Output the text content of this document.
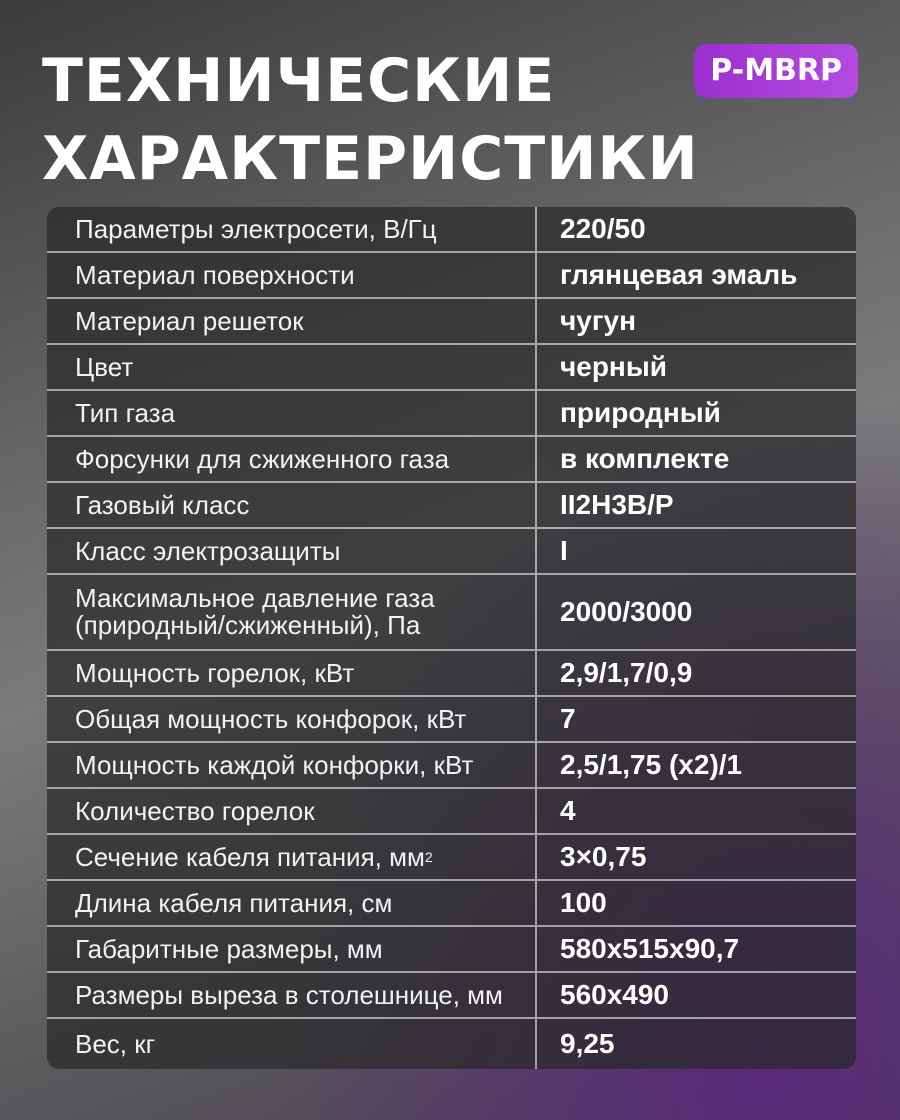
ТЕХНИЧЕСКИЕ
ХАРАКТЕРИСТИКИ
P-MBRP
Параметры электросети, В/Гц	220/50
Материал поверхности	глянцевая эмаль
Материал решеток	чугун
Цвет	черный
Тип газа	природный
Форсунки для сжиженного газа	в комплекте
Газовый класс	II2H3B/P
Класс электрозащиты	I
Максимальное давление газа (природный/сжиженный), Па	2000/3000
Мощность горелок, кВт	2,9/1,7/0,9
Общая мощность конфорок, кВт	7
Мощность каждой конфорки, кВт	2,5/1,75 (x2)/1
Количество горелок	4
Сечение кабеля питания, мм 2	3×0,75
Длина кабеля питания, см	100
Габаритные размеры, мм	580x515x90,7
Размеры выреза в столешнице, мм	560x490
Вес, кг	9,25
